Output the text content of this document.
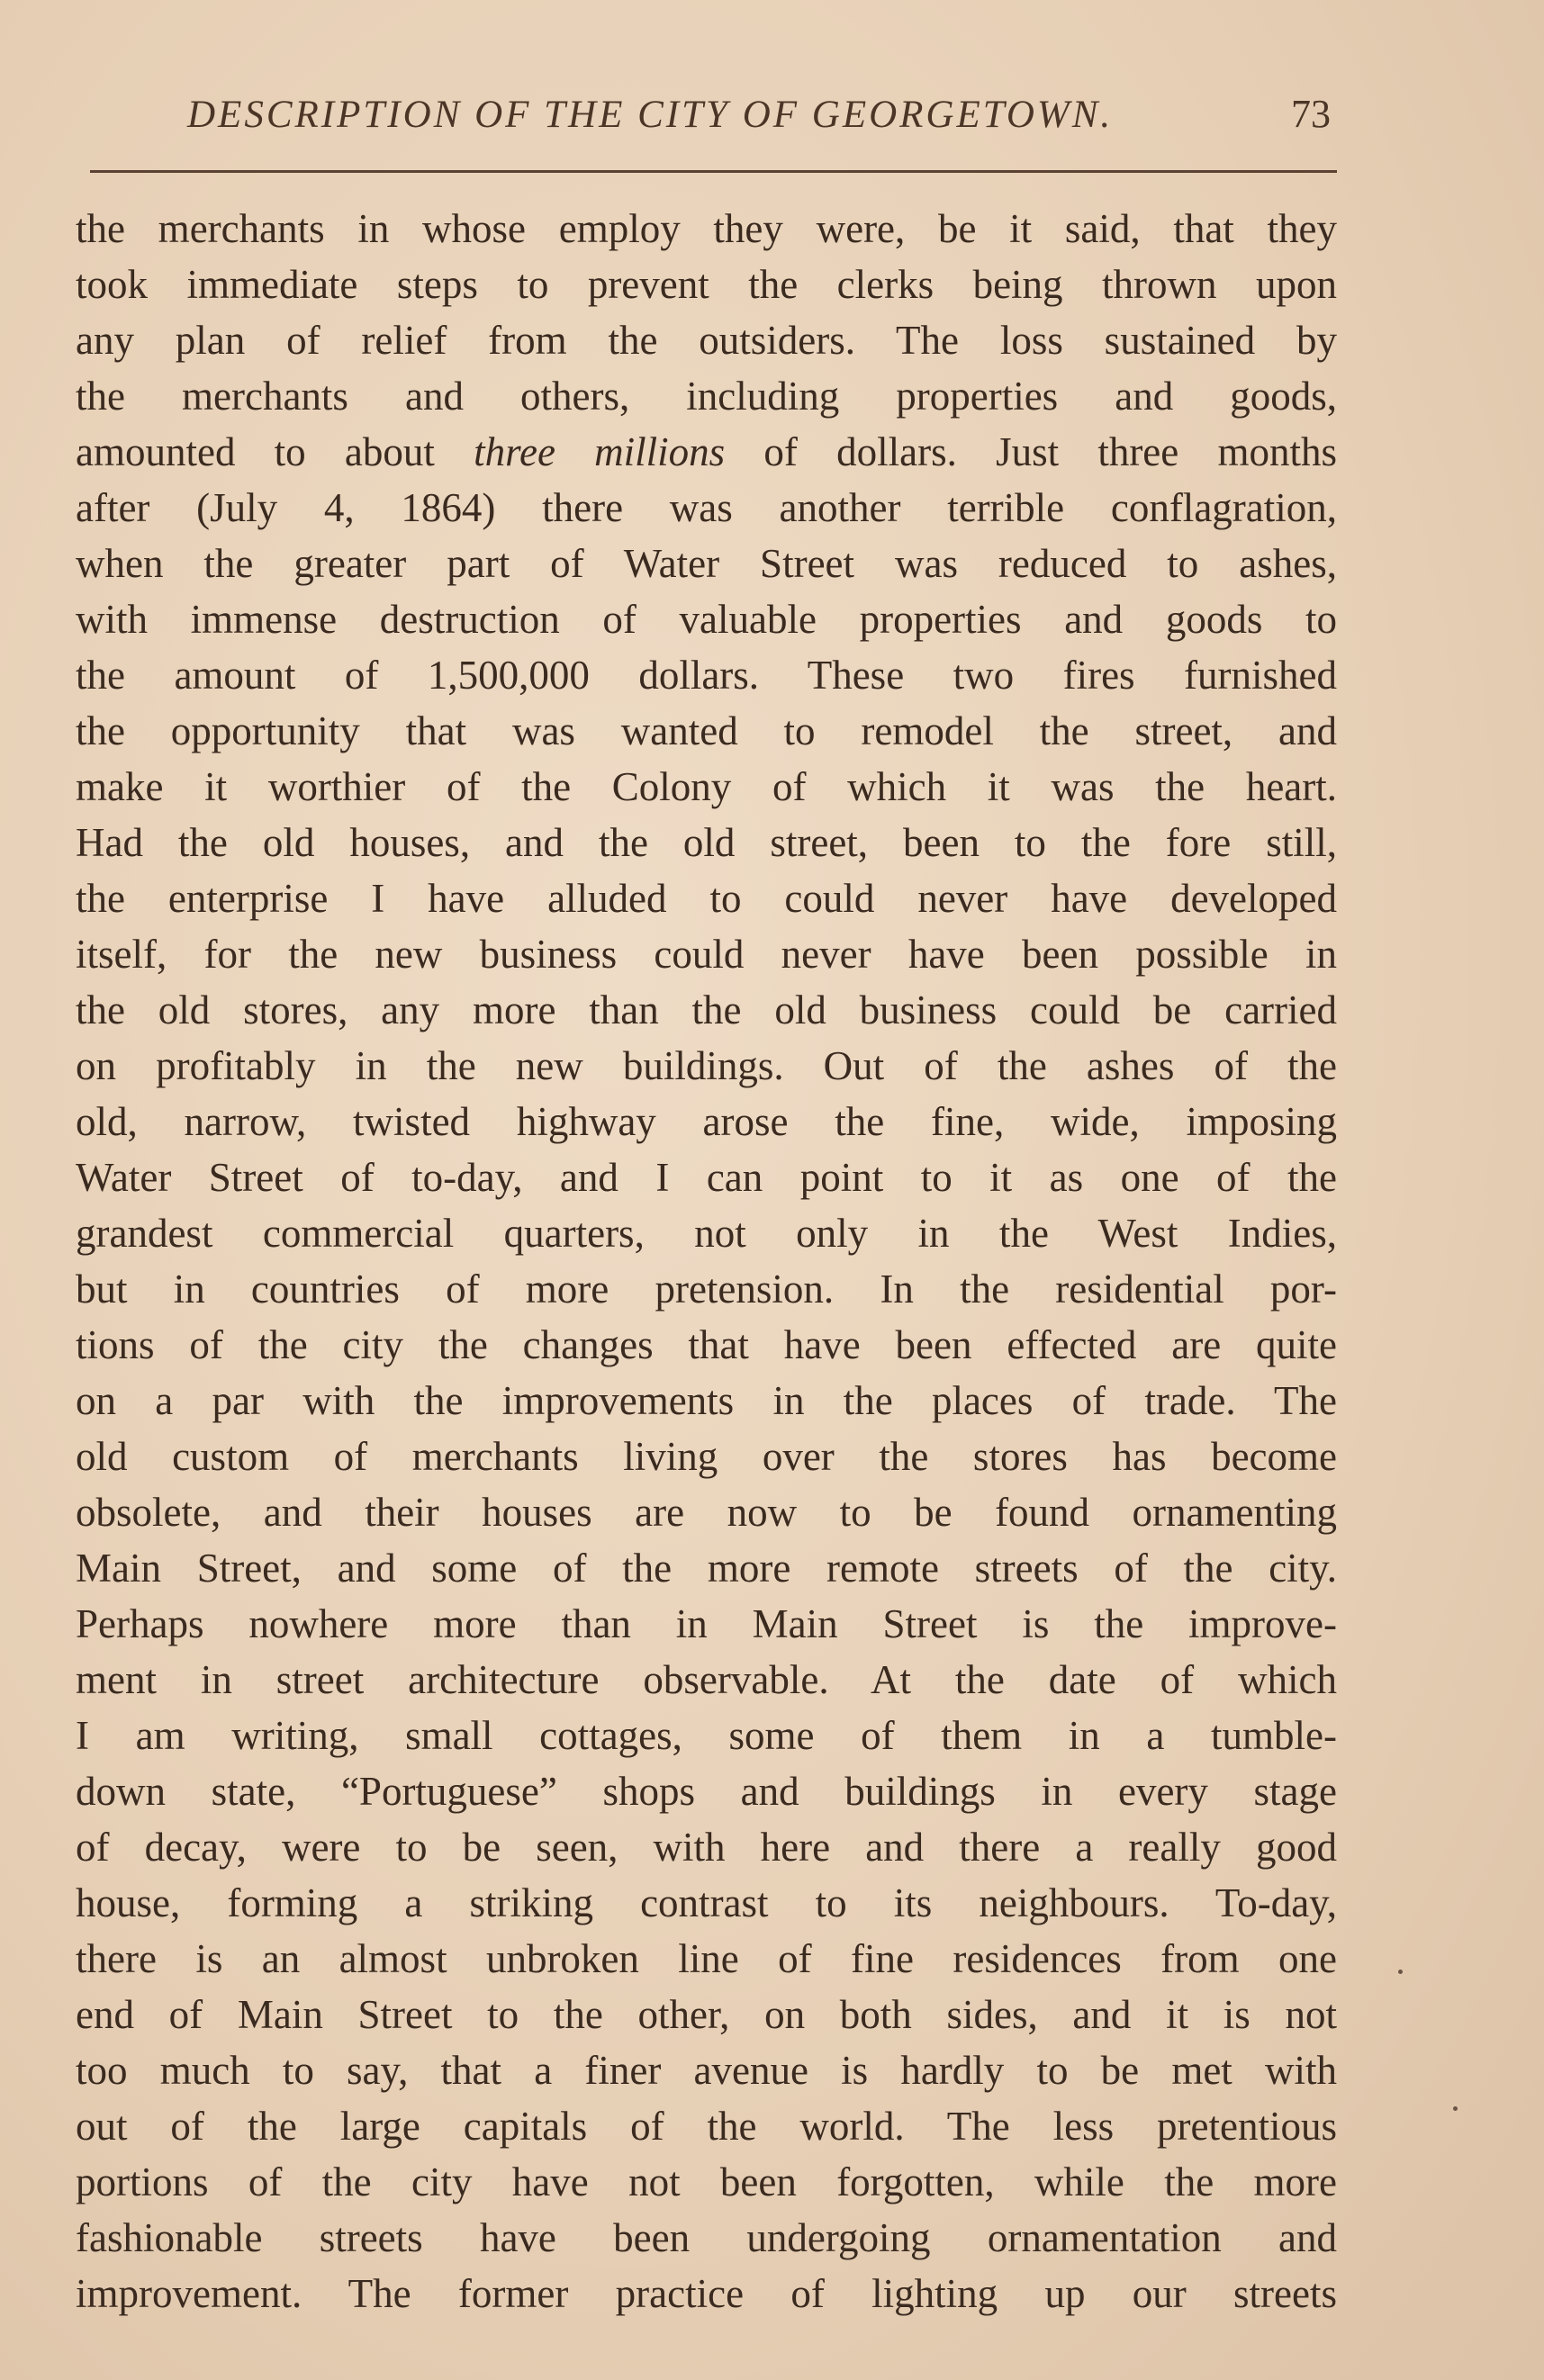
DESCRIPTION OF THE CITY OF GEORGETOWN.	73
the merchants in whose employ they were, be it said, that they
took immediate steps to prevent the clerks being thrown upon
any plan of relief from the outsiders. The loss sustained by
the merchants and others, including properties and goods,
amounted to about three millions of dollars. Just three months
after (July 4, 1864) there was another terrible conflagration,
when the greater part of Water Street was reduced to ashes,
with immense destruction of valuable properties and goods to
the amount of 1,500,000 dollars. These two fires furnished
the opportunity that was wanted to remodel the street, and
make it worthier of the Colony of which it was the heart.
Had the old houses, and the old street, been to the fore still,
the enterprise I have alluded to could never have developed
itself, for the new business could never have been possible in
the old stores, any more than the old business could be carried
on profitably in the new buildings. Out of the ashes of the
old, narrow, twisted highway arose the fine, wide, imposing
Water Street of to-day, and I can point to it as one of the
grandest commercial quarters, not only in the West Indies,
but in countries of more pretension. In the residential por-
tions of the city the changes that have been effected are quite
on a par with the improvements in the places of trade. The
old custom of merchants living over the stores has become
obsolete, and their houses are now to be found ornamenting
Main Street, and some of the more remote streets of the city.
Perhaps nowhere more than in Main Street is the improve-
ment in street architecture observable. At the date of which
I am writing, small cottages, some of them in a tumble-
down state, “Portuguese” shops and buildings in every stage
of decay, were to be seen, with here and there a really good
house, forming a striking contrast to its neighbours. To-day,
there is an almost unbroken line of fine residences from one
end of Main Street to the other, on both sides, and it is not
too much to say, that a finer avenue is hardly to be met with
out of the large capitals of the world. The less pretentious
portions of the city have not been forgotten, while the more
fashionable streets have been undergoing ornamentation and
improvement. The former practice of lighting up our streets
